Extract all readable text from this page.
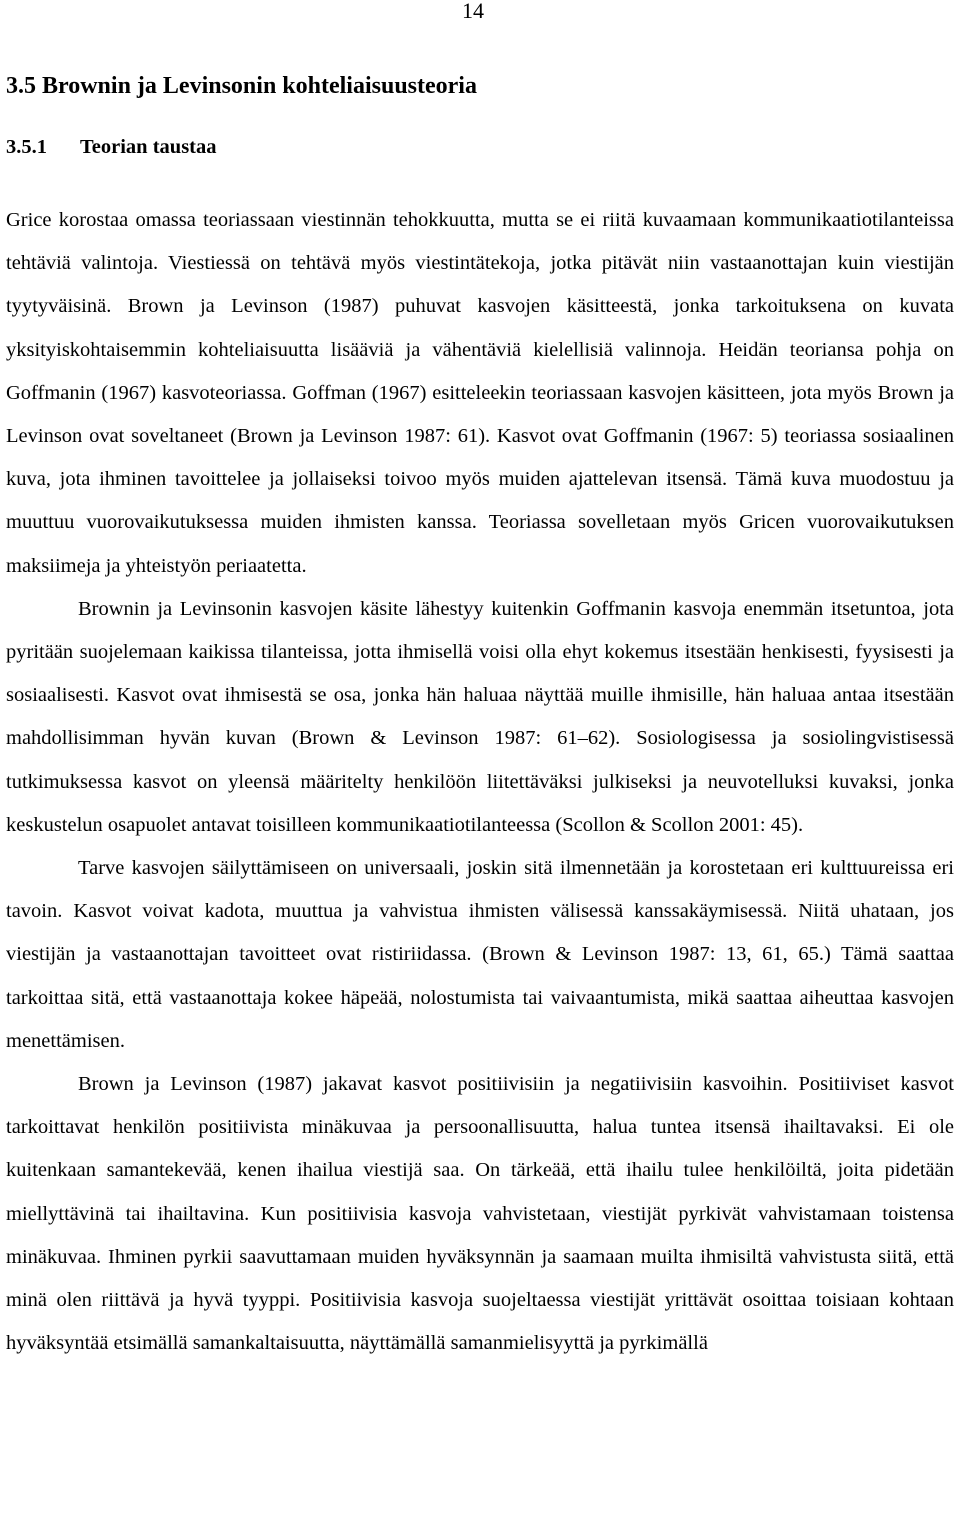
14
3.5 Brownin ja Levinsonin kohteliaisuusteoria
3.5.1 Teorian taustaa

Grice korostaa omassa teoriassaan viestinnän tehokkuutta, mutta se ei riitä kuvaamaan kommunikaatiotilanteissa tehtäviä valintoja. Viestiessä on tehtävä myös viestintätekoja, jotka pitävät niin vastaanottajan kuin viestijän tyytyväisinä. Brown ja Levinson (1987) puhuvat kasvojen käsitteestä, jonka tarkoituksena on kuvata yksityiskohtaisemmin kohteliaisuutta lisääviä ja vähentäviä kielellisiä valinnoja. Heidän teoriansa pohja on Goffmanin (1967) kasvoteoriassa. Goffman (1967) esitteleekin teoriassaan kasvojen käsitteen, jota myös Brown ja Levinson ovat soveltaneet (Brown ja Levinson 1987: 61). Kasvot ovat Goffmanin (1967: 5) teoriassa sosiaalinen kuva, jota ihminen tavoittelee ja jollaiseksi toivoo myös muiden ajattelevan itsensä. Tämä kuva muodostuu ja muuttuu vuorovaikutuksessa muiden ihmisten kanssa. Teoriassa sovelletaan myös Gricen vuorovaikutuksen maksiimeja ja yhteistyön periaatetta.

Brownin ja Levinsonin kasvojen käsite lähestyy kuitenkin Goffmanin kasvoja enemmän itsetuntoa, jota pyritään suojelemaan kaikissa tilanteissa, jotta ihmisellä voisi olla ehyt kokemus itsestään henkisesti, fyysisesti ja sosiaalisesti. Kasvot ovat ihmisestä se osa, jonka hän haluaa näyttää muille ihmisille, hän haluaa antaa itsestään mahdollisimman hyvän kuvan (Brown & Levinson 1987: 61–62). Sosiologisessa ja sosiolingvistisessä tutkimuksessa kasvot on yleensä määritelty henkilöön liitettäväksi julkiseksi ja neuvotelluksi kuvaksi, jonka keskustelun osapuolet antavat toisilleen kommunikaatiotilanteessa (Scollon & Scollon 2001: 45).

Tarve kasvojen säilyttämiseen on universaali, joskin sitä ilmennetään ja korostetaan eri kulttuureissa eri tavoin. Kasvot voivat kadota, muuttua ja vahvistua ihmisten välisessä kanssakäymisessä. Niitä uhataan, jos viestijän ja vastaanottajan tavoitteet ovat ristiriidassa. (Brown & Levinson 1987: 13, 61, 65.) Tämä saattaa tarkoittaa sitä, että vastaanottaja kokee häpeää, nolostumista tai vaivaantumista, mikä saattaa aiheuttaa kasvojen menettämisen.

Brown ja Levinson (1987) jakavat kasvot positiivisiin ja negatiivisiin kasvoihin. Positiiviset kasvot tarkoittavat henkilön positiivista minäkuvaa ja persoonallisuutta, halua tuntea itsensä ihailtavaksi. Ei ole kuitenkaan samantekevää, kenen ihailua viestijä saa. On tärkeää, että ihailu tulee henkilöiltä, joita pidetään miellyttävinä tai ihailtavina. Kun positiivisia kasvoja vahvistetaan, viestijät pyrkivät vahvistamaan toistensa minäkuvaa. Ihminen pyrkii saavuttamaan muiden hyväksynnän ja saamaan muilta ihmisiltä vahvistusta siitä, että minä olen riittävä ja hyvä tyyppi. Positiivisia kasvoja suojeltaessa viestijät yrittävät osoittaa toisiaan kohtaan hyväksyntää etsimällä samankaltaisuutta, näyttämällä samanmielisyyttä ja pyrkimällä
